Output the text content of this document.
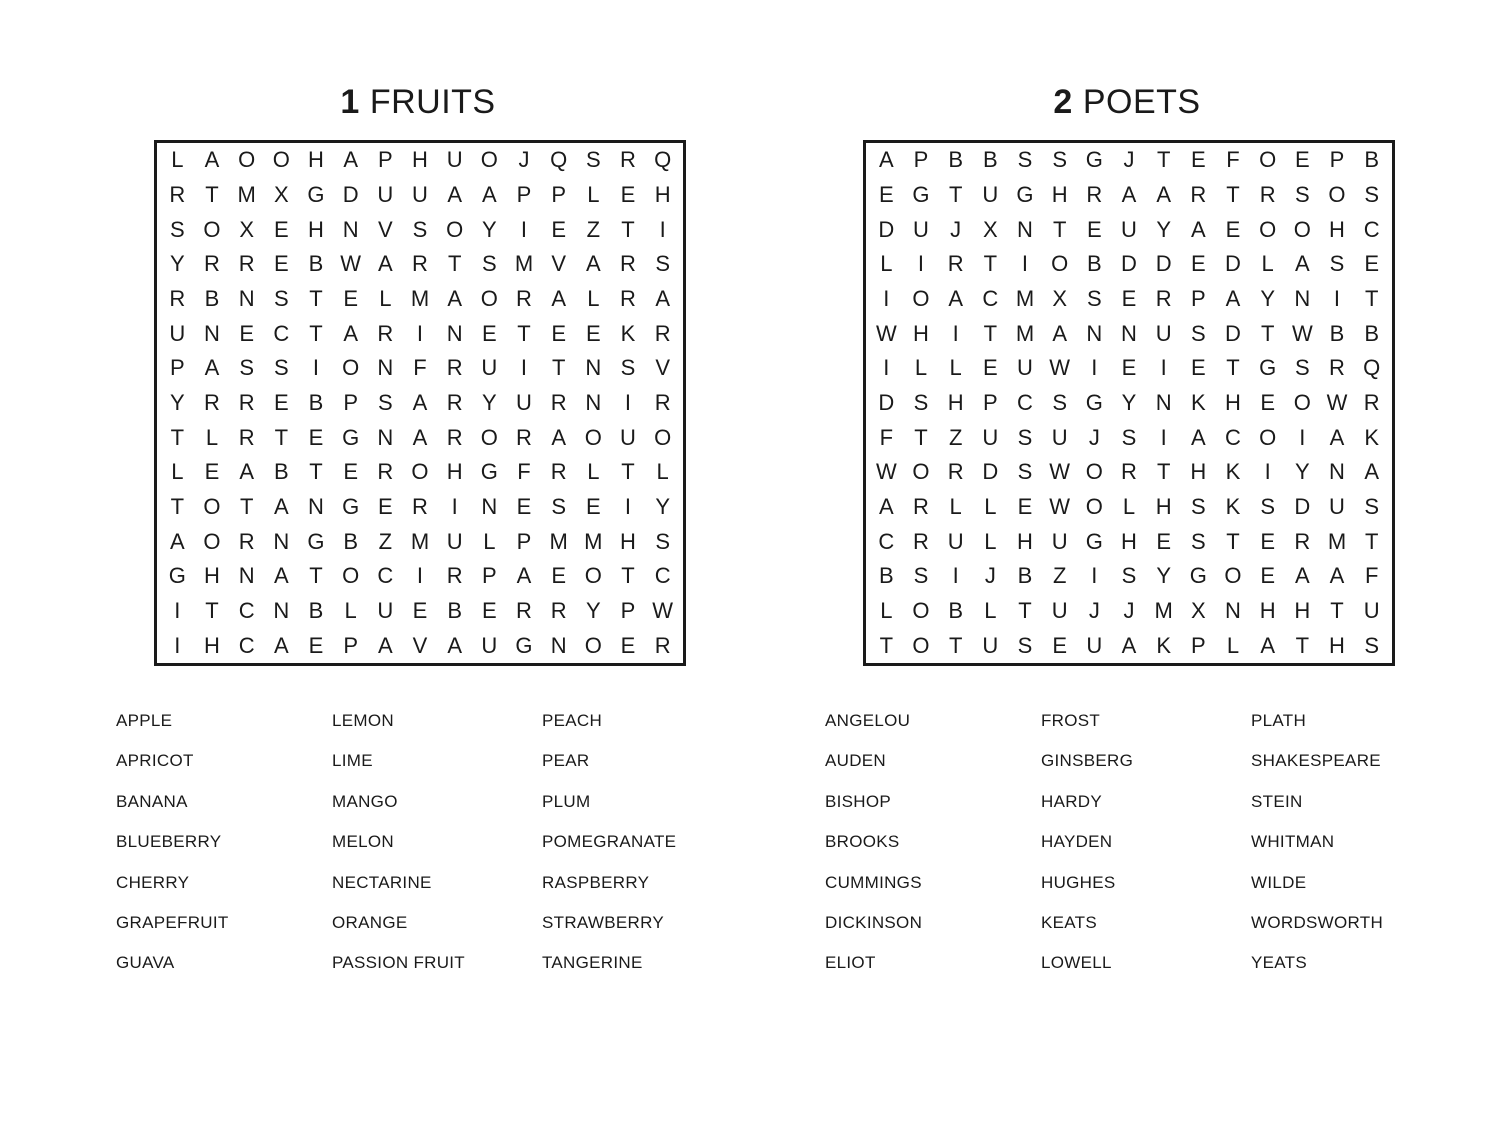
1 FRUITS
L A O O H A P H U O J Q S R Q
R T M X G D U U A A P P L E H
S O X E H N V S O Y	I	E Z T	I
Y R R E B W A R T S M V A R S
R B N S T E L M A O R A L R A
U N E C T A R	I	N E T E E K R
P A S S	I	O N F R U	I	T N S V
Y R R E B P S A R Y U R N	I	R
T L R T E G N A R O R A O U O
L E A B T E R O H G F R L T L
T O T A N G E R	I	N E S E	I	Y
A O R N G B Z M U L P M M H S
G H N A T O C	I	R P A E O T C
I	T C N B L U E B E R R Y P W
I	H C A E P A V A U G N O E R
APPLE
APRICOT
BANANA
BLUEBERRY
CHERRY
GRAPEFRUIT
GUAVA
LEMON
LIME
MANGO
MELON
NECTARINE
ORANGE
PASSION FRUIT
PEACH
PEAR
PLUM
POMEGRANATE
RASPBERRY
STRAWBERRY
TANGERINE
2 POETS
A P B B S S G J	T E F O E P B
E G T U G H R A A R T R S O S
D U J X N T E U Y A E O O H C
L	I	R T	I	O B D D E D L A S E
I	O A C M X S E R P A Y N	I	T
W H	I	T M A N N U S D T W B B
I	L	L E U W I	E	I	E T G S R Q
D S H P C S G Y N K H E O W R
F T Z U S U J S	I	A C O	I	A K
W O R D S W O R T H K	I	Y N A
A R L	L E W O L H S K S D U S
C R U L H U G H E S T E R M T
B S	I	J B Z	I	S Y G O E A A F
L O B L T U J	J M X N H H T U
T O T U S E U A K P L A T H S
ANGELOU
AUDEN
BISHOP
BROOKS
CUMMINGS
DICKINSON
ELIOT
FROST
GINSBERG
HARDY
HAYDEN
HUGHES
KEATS
LOWELL
PLATH
SHAKESPEARE
STEIN
WHITMAN
WILDE
WORDSWORTH
YEATS
